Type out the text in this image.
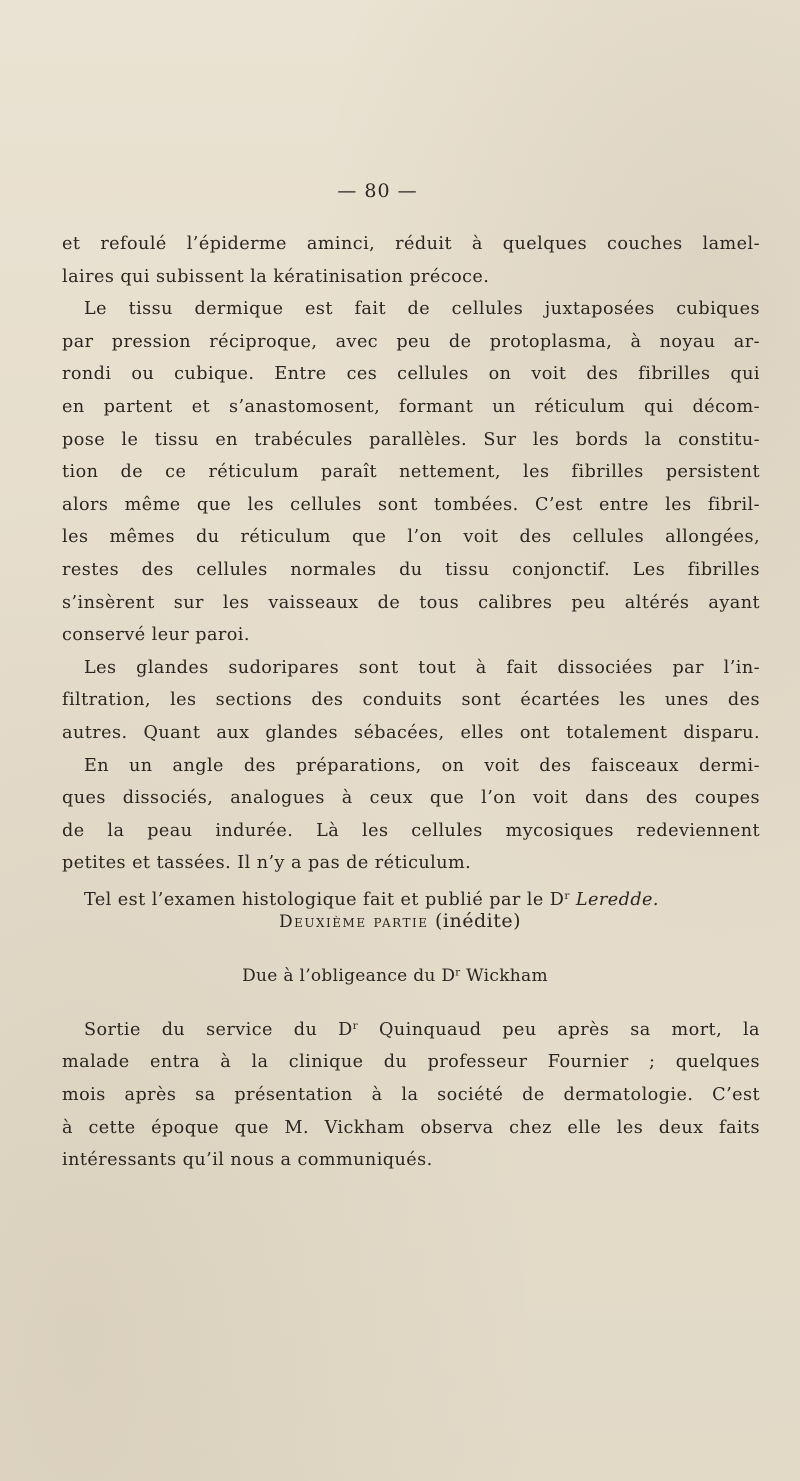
— 80 —
et refoulé l’épiderme aminci, réduit à quelques couches lamel-
laires qui subissent la kératinisation précoce.
Le tissu dermique est fait de cellules juxtaposées cubiques
par pression réciproque, avec peu de protoplasma, à noyau ar-
rondi ou cubique. Entre ces cellules on voit des fibrilles qui
en partent et s’anastomosent, formant un réticulum qui décom-
pose le tissu en trabécules parallèles. Sur les bords la constitu-
tion de ce réticulum paraît nettement, les fibrilles persistent
alors même que les cellules sont tombées. C’est entre les fibril-
les mêmes du réticulum que l’on voit des cellules allongées,
restes des cellules normales du tissu conjonctif. Les fibrilles
s’insèrent sur les vaisseaux de tous calibres peu altérés ayant
conservé leur paroi.
Les glandes sudoripares sont tout à fait dissociées par l’in-
filtration, les sections des conduits sont écartées les unes des
autres. Quant aux glandes sébacées, elles ont totalement disparu.
En un angle des préparations, on voit des faisceaux dermi-
ques dissociés, analogues à ceux que l’on voit dans des coupes
de la peau indurée. Là les cellules mycosiques redeviennent
petites et tassées. Il n’y a pas de réticulum.
Tel est l’examen histologique fait et publié par le $D^r$ Leredde.
Deuxième partie (inédite)
Due à l’obligeance du $D^r$ Wickham
Sortie du service du $D^r$ Quinquaud peu après sa mort, la
malade entra à la clinique du professeur Fournier ; quelques
mois après sa présentation à la société de dermatologie. C’est
à cette époque que M. Vickham observa chez elle les deux faits
intéressants qu’il nous a communiqués.
